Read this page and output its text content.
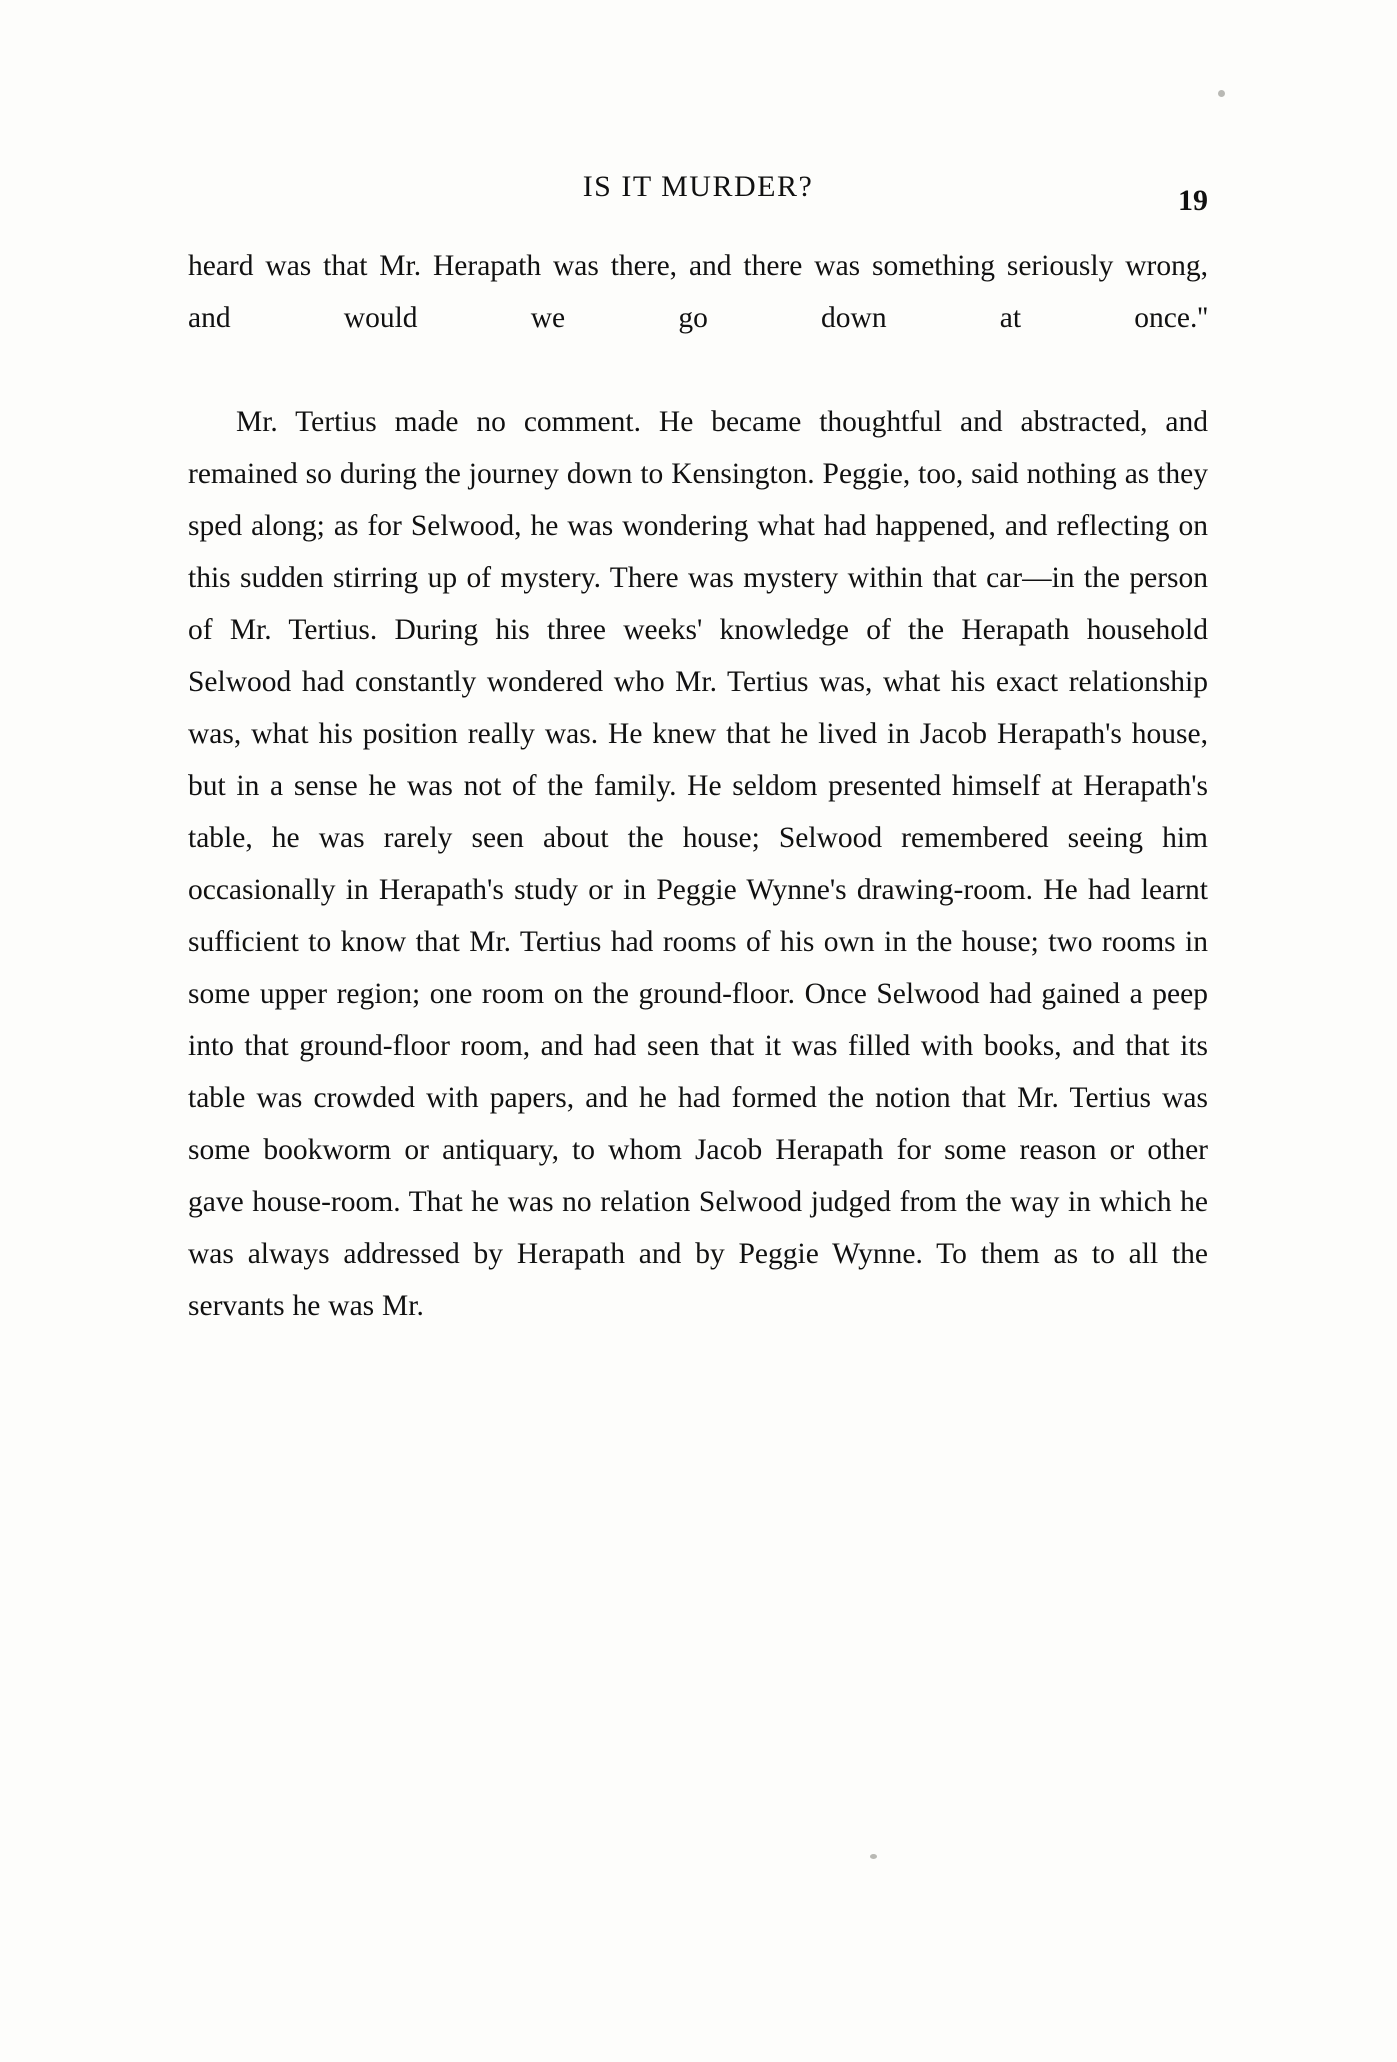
IS IT MURDER?	19

heard was that Mr. Herapath was there, and there was something seriously wrong, and would we go down at once.''

Mr. Tertius made no comment. He became thoughtful and abstracted, and remained so during the journey down to Kensington. Peggie, too, said nothing as they sped along; as for Selwood, he was wondering what had happened, and reflecting on this sudden stirring up of mystery. There was mystery within that car—in the person of Mr. Tertius. During his three weeks' knowledge of the Herapath household Selwood had constantly wondered who Mr. Tertius was, what his exact relationship was, what his position really was. He knew that he lived in Jacob Herapath's house, but in a sense he was not of the family. He seldom presented himself at Herapath's table, he was rarely seen about the house; Selwood remembered seeing him occasionally in Herapath's study or in Peggie Wynne's drawing-room. He had learnt sufficient to know that Mr. Tertius had rooms of his own in the house; two rooms in some upper region; one room on the ground-floor. Once Selwood had gained a peep into that ground-floor room, and had seen that it was filled with books, and that its table was crowded with papers, and he had formed the notion that Mr. Tertius was some bookworm or antiquary, to whom Jacob Herapath for some reason or other gave house-room. That he was no relation Selwood judged from the way in which he was always addressed by Herapath and by Peggie Wynne. To them as to all the servants he was Mr.
